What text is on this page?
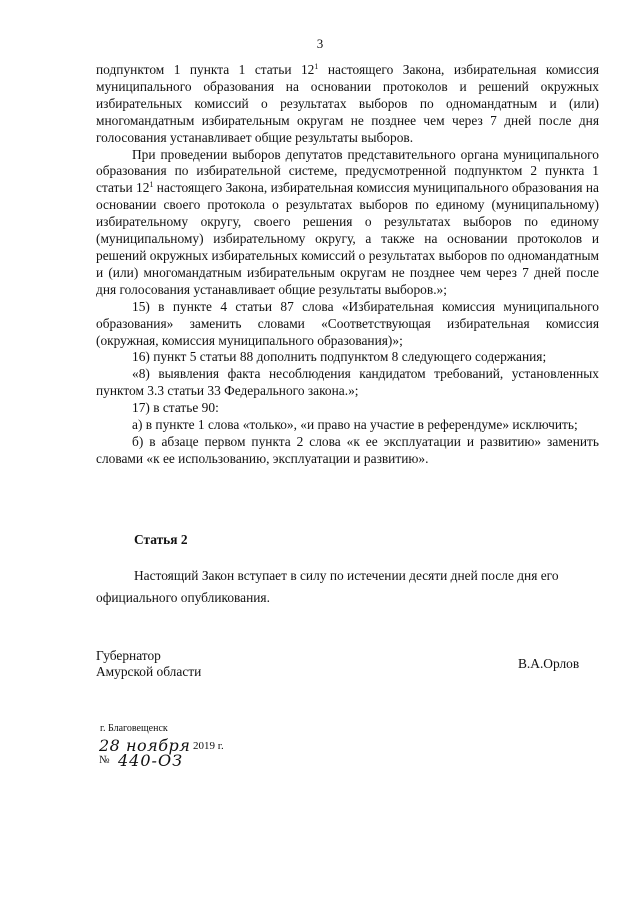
3

подпунктом 1 пункта 1 статьи $12^1$ настоящего Закона, избирательная комиссия муниципального образования на основании протоколов и решений окружных избирательных комиссий о результатах выборов по одномандатным и (или) многомандатным избирательным округам не позднее чем через 7 дней после дня голосования устанавливает общие результаты выборов.

При проведении выборов депутатов представительного органа муниципального образования по избирательной системе, предусмотренной подпунктом 2 пункта 1 статьи $12^1$ настоящего Закона, избирательная комиссия муниципального образования на основании своего протокола о результатах выборов по единому (муниципальному) избирательному округу, своего решения о результатах выборов по единому (муниципальному) избирательному округу, а также на основании протоколов и решений окружных избирательных комиссий о результатах выборов по одномандатным и (или) многомандатным избирательным округам не позднее чем через 7 дней после дня голосования устанавливает общие результаты выборов.»;

15) в пункте 4 статьи 87 слова «Избирательная комиссия муниципального образования» заменить словами «Соответствующая избирательная комиссия (окружная, комиссия муниципального образования)»;

16) пункт 5 статьи 88 дополнить подпунктом 8 следующего содержания;

«8) выявления факта несоблюдения кандидатом требований, установленных пунктом 3.3 статьи 33 Федерального закона.»;

17) в статье 90:

а) в пункте 1 слова «только», «и право на участие в референдуме» исключить;

б) в абзаце первом пункта 2 слова «к ее эксплуатации и развитию» заменить словами «к ее использованию, эксплуатации и развитию».

Статья 2

Настоящий Закон вступает в силу по истечении десяти дней после дня его официального опубликования.

Губернатор
Амурской области	В.А.Орлов
г. Благовещенск
28 ноября 2019 г.
№ 440-ОЗ
